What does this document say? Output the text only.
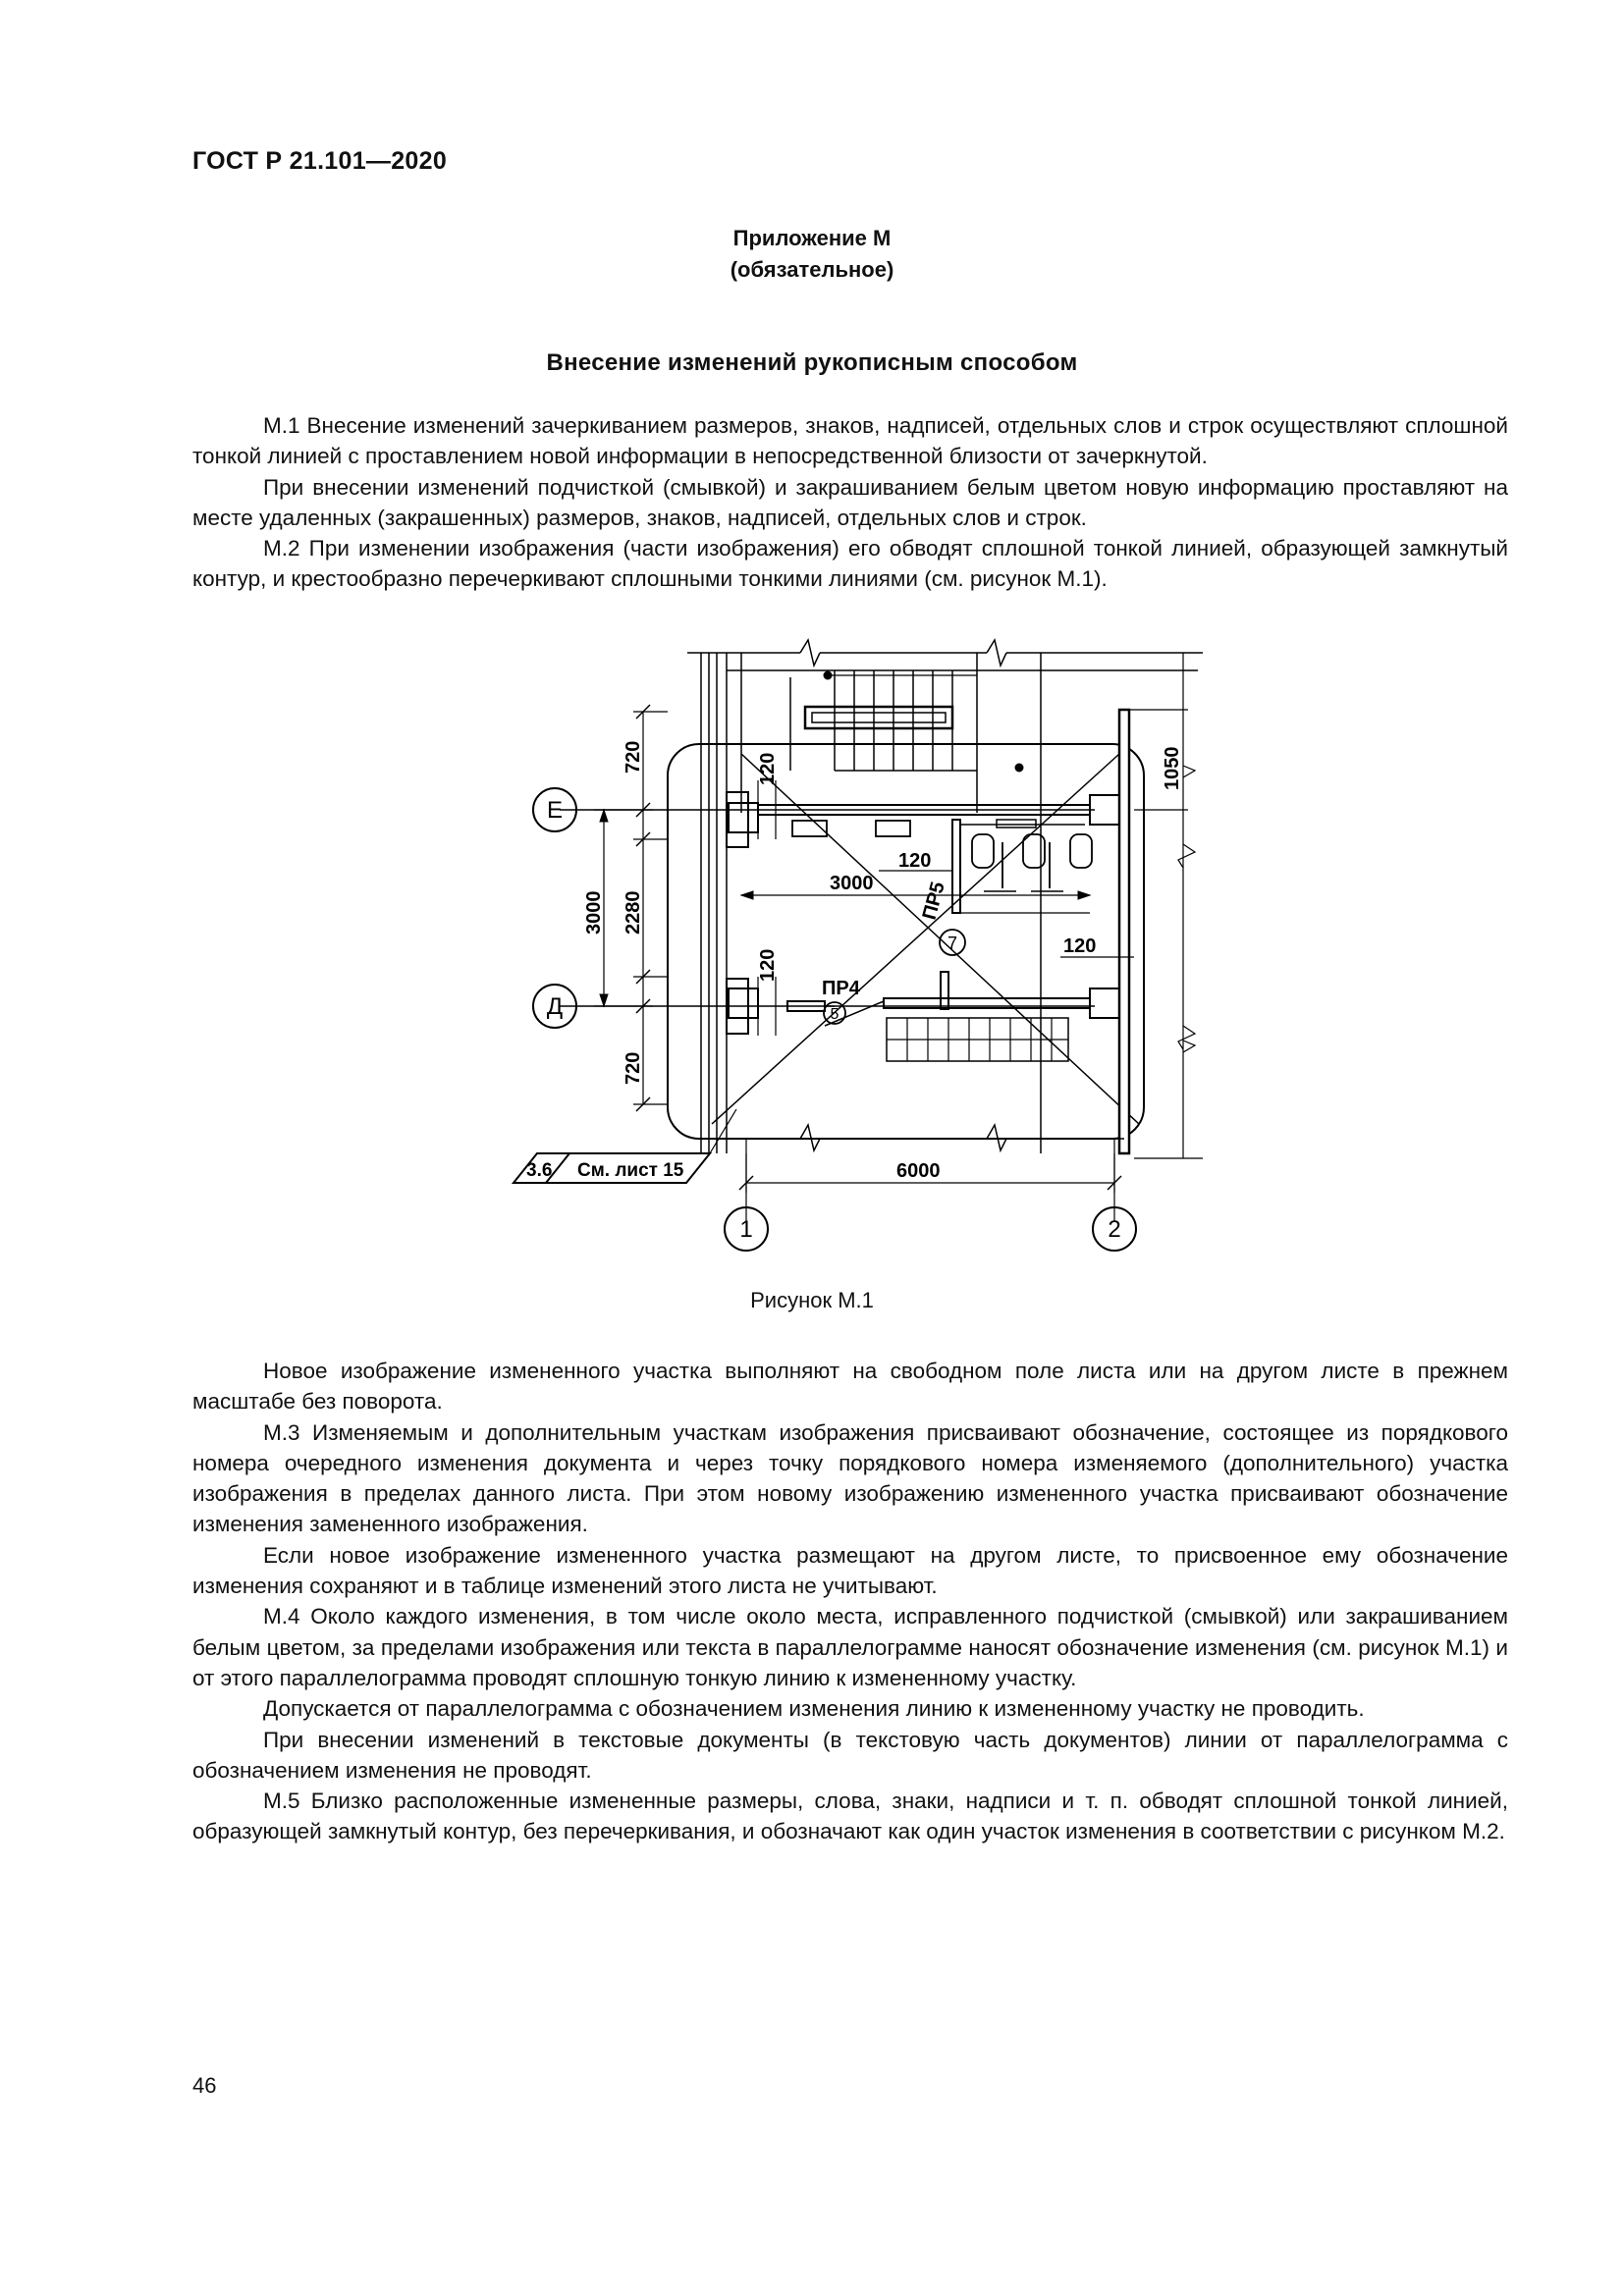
ГОСТ Р 21.101—2020
Приложение М
(обязательное)
Внесение изменений рукописным способом

М.1 Внесение изменений зачеркиванием размеров, знаков, надписей, отдельных слов и строк осуществляют сплошной тонкой линией с проставлением новой информации в непосредственной близости от зачеркнутой.

При внесении изменений подчисткой (смывкой) и закрашиванием белым цветом новую информацию проставляют на месте удаленных (закрашенных) размеров, знаков, надписей, отдельных слов и строк.

М.2 При изменении изображения (части изображения) его обводят сплошной тонкой линией, образующей замкнутый контур, и крестообразно перечеркивают сплошными тонкими линиями (см. рисунок М.1).

Е
Д
1	2
720	120	1050
3000 2280
120
3000
120
120
720
6000
ПР5
ПР4
7
5
3.6 См. лист 15
Рисунок М.1

Новое изображение измененного участка выполняют на свободном поле листа или на другом листе в прежнем масштабе без поворота.

М.3 Изменяемым и дополнительным участкам изображения присваивают обозначение, состоящее из порядкового номера очередного изменения документа и через точку порядкового номера изменяемого (дополнительного) участка изображения в пределах данного листа. При этом новому изображению измененного участка присваивают обозначение изменения замененного изображения.

Если новое изображение измененного участка размещают на другом листе, то присвоенное ему обозначение изменения сохраняют и в таблице изменений этого листа не учитывают.

М.4 Около каждого изменения, в том числе около места, исправленного подчисткой (смывкой) или закрашиванием белым цветом, за пределами изображения или текста в параллелограмме наносят обозначение изменения (см. рисунок М.1) и от этого параллелограмма проводят сплошную тонкую линию к измененному участку.

Допускается от параллелограмма с обозначением изменения линию к измененному участку не проводить.

При внесении изменений в текстовые документы (в текстовую часть документов) линии от параллелограмма с обозначением изменения не проводят.

М.5 Близко расположенные измененные размеры, слова, знаки, надписи и т. п. обводят сплошной тонкой линией, образующей замкнутый контур, без перечеркивания, и обозначают как один участок изменения в соответствии с рисунком М.2.

46
